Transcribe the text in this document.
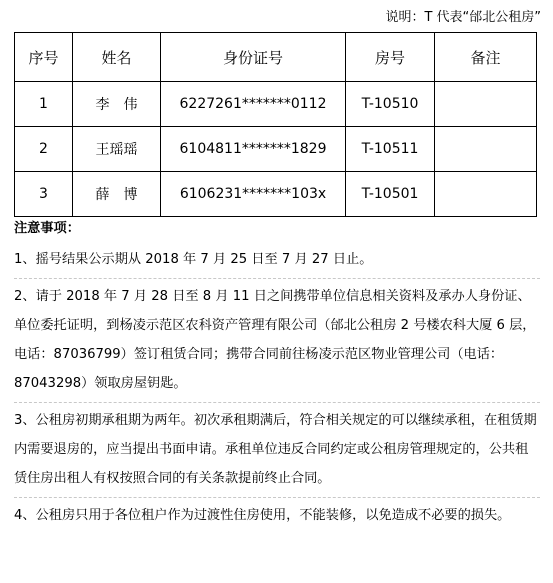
说明：T 代表“邰北公租房”
序号	姓名	身份证号	房号	备注
1	李　伟	6227261*******0112	T-10510	
2	王瑶瑶	6104811*******1829	T-10511	
3	薛　博	6106231*******103x	T-10501	
注意事项：
1、摇号结果公示期从 2018 年 7 月 25 日至 7 月 27 日止。
2、请于 2018 年 7 月 28 日至 8 月 11 日之间携带单位信息相关资料及承办人身份证、单位委托证明，到杨凌示范区农科资产管理有限公司（邰北公租房 2 号楼农科大厦 6 层，电话：87036799）签订租赁合同；携带合同前往杨凌示范区物业管理公司（电话：87043298）领取房屋钥匙。
3、公租房初期承租期为两年。初次承租期满后，符合相关规定的可以继续承租，在租赁期内需要退房的，应当提出书面申请。承租单位违反合同约定或公租房管理规定的，公共租赁住房出租人有权按照合同的有关条款提前终止合同。
4、公租房只用于各位租户作为过渡性住房使用，不能装修，以免造成不必要的损失。
